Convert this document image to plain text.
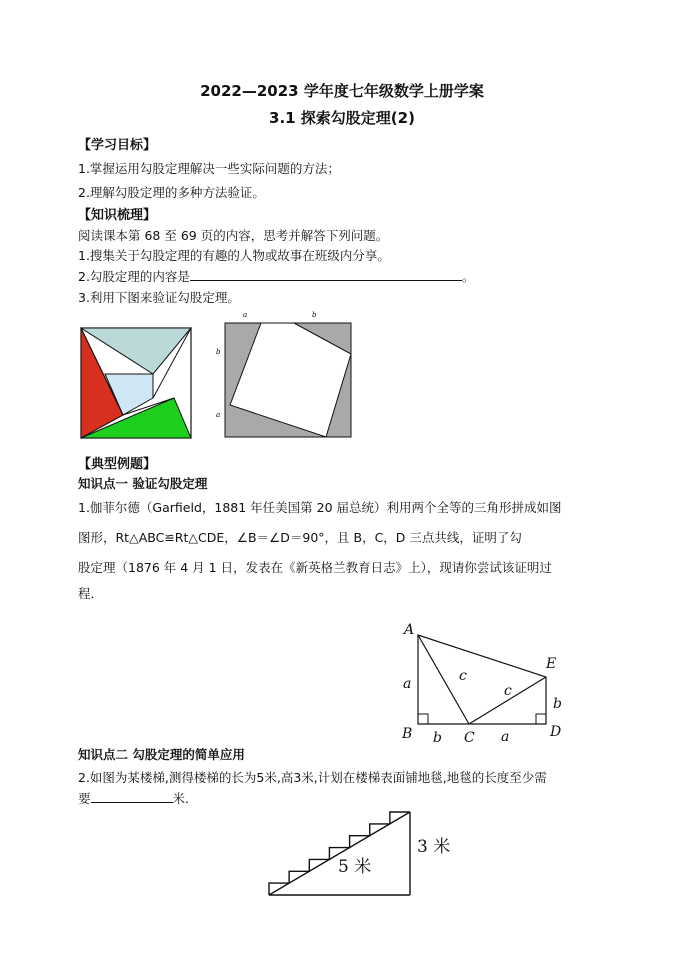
2022—2023 学年度七年级数学上册学案
3.1 探索勾股定理(2)
【学习目标】
1.掌握运用勾股定理解决一些实际问题的方法；
2.理解勾股定理的多种方法验证。
【知识梳理】
阅读课本第 68 至 69 页的内容，思考并解答下列问题。
1.搜集关于勾股定理的有趣的人物或故事在班级内分享。
2.勾股定理的内容是	。
3.利用下图来验证勾股定理。
a	b
b
a
【典型例题】
知识点一 验证勾股定理
1.伽菲尔德（Garfield，1881 年任美国第 20 届总统）利用两个全等的三角形拼成如图
图形，Rt△ABC≌Rt△CDE，∠B＝∠D＝90°，且 B，C，D 三点共线，证明了勾
股定理（1876 年 4 月 1 日，发表在《新英格兰教育日志》上），现请你尝试该证明过
程．
A
B	C	D
E
a	c
c
b
b	a
知识点二 勾股定理的简单应用
2.如图为某楼梯,测得楼梯的长为5米,高3米,计划在楼梯表面铺地毯,地毯的长度至少需
要	米.
5 米
3 米
